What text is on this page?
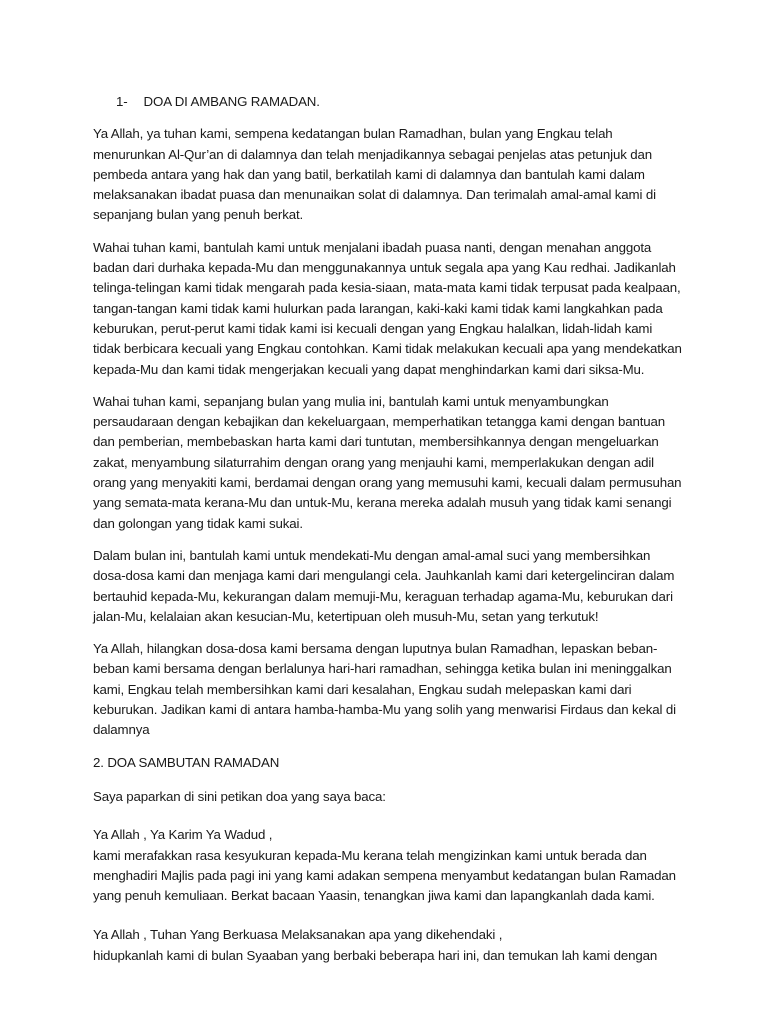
1- DOA DI AMBANG RAMADAN.

Ya Allah, ya tuhan kami, sempena kedatangan bulan Ramadhan, bulan yang Engkau telah menurunkan Al-Qur’an di dalamnya dan telah menjadikannya sebagai penjelas atas petunjuk dan pembeda antara yang hak dan yang batil, berkatilah kami di dalamnya dan bantulah kami dalam melaksanakan ibadat puasa dan menunaikan solat di dalamnya. Dan terimalah amal-amal kami di sepanjang bulan yang penuh berkat.

Wahai tuhan kami, bantulah kami untuk menjalani ibadah puasa nanti, dengan menahan anggota badan dari durhaka kepada-Mu dan menggunakannya untuk segala apa yang Kau redhai. Jadikanlah telinga-telingan kami tidak mengarah pada kesia-siaan, mata-mata kami tidak terpusat pada kealpaan, tangan-tangan kami tidak kami hulurkan pada larangan, kaki-kaki kami tidak kami langkahkan pada keburukan, perut-perut kami tidak kami isi kecuali dengan yang Engkau halalkan, lidah-lidah kami tidak berbicara kecuali yang Engkau contohkan. Kami tidak melakukan kecuali apa yang mendekatkan kepada-Mu dan kami tidak mengerjakan kecuali yang dapat menghindarkan kami dari siksa-Mu.

Wahai tuhan kami, sepanjang bulan yang mulia ini, bantulah kami untuk menyambungkan persaudaraan dengan kebajikan dan kekeluargaan, memperhatikan tetangga kami dengan bantuan dan pemberian, membebaskan harta kami dari tuntutan, membersihkannya dengan mengeluarkan zakat, menyambung silaturrahim dengan orang yang menjauhi kami, memperlakukan dengan adil orang yang menyakiti kami, berdamai dengan orang yang memusuhi kami, kecuali dalam permusuhan yang semata-mata kerana-Mu dan untuk-Mu, kerana mereka adalah musuh yang tidak kami senangi dan golongan yang tidak kami sukai.

Dalam bulan ini, bantulah kami untuk mendekati-Mu dengan amal-amal suci yang membersihkan dosa-dosa kami dan menjaga kami dari mengulangi cela. Jauhkanlah kami dari ketergelinciran dalam bertauhid kepada-Mu, kekurangan dalam memuji-Mu, keraguan terhadap agama-Mu, keburukan dari jalan-Mu, kelalaian akan kesucian-Mu, ketertipuan oleh musuh-Mu, setan yang terkutuk!

Ya Allah, hilangkan dosa-dosa kami bersama dengan luputnya bulan Ramadhan, lepaskan beban-beban kami bersama dengan berlalunya hari-hari ramadhan, sehingga ketika bulan ini meninggalkan kami, Engkau telah membersihkan kami dari kesalahan, Engkau sudah melepaskan kami dari keburukan. Jadikan kami di antara hamba-hamba-Mu yang solih yang menwarisi Firdaus dan kekal di dalamnya

2. DOA SAMBUTAN RAMADAN

Saya paparkan di sini petikan doa yang saya baca:

Ya Allah , Ya Karim Ya Wadud ,
kami merafakkan rasa kesyukuran kepada-Mu kerana telah mengizinkan kami untuk berada dan menghadiri Majlis pada pagi ini yang kami adakan sempena menyambut kedatangan bulan Ramadan yang penuh kemuliaan. Berkat bacaan Yaasin, tenangkan jiwa kami dan lapangkanlah dada kami.

Ya Allah , Tuhan Yang Berkuasa Melaksanakan apa yang dikehendaki ,
hidupkanlah kami di bulan Syaaban yang berbaki beberapa hari ini, dan temukan lah kami dengan
